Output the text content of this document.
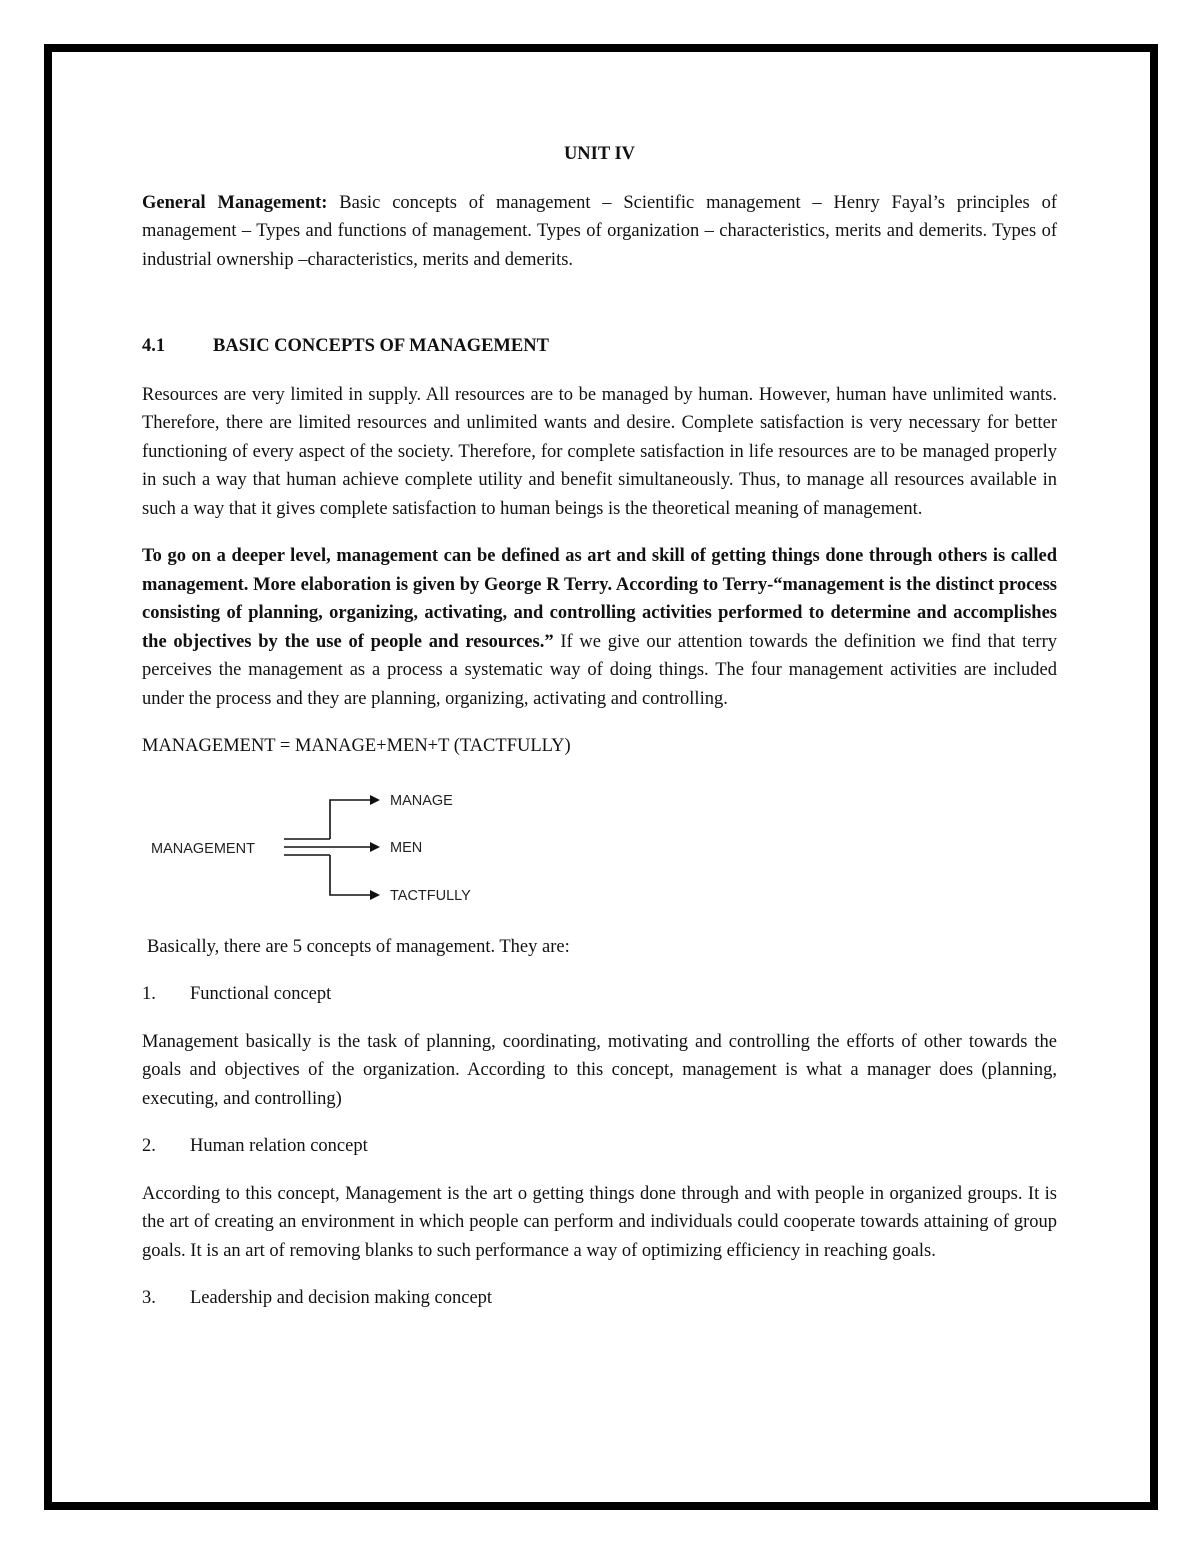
UNIT IV

General Management: Basic concepts of management – Scientific management – Henry Fayal’s principles of management – Types and functions of management. Types of organization – characteristics, merits and demerits. Types of industrial ownership –characteristics, merits and demerits.

4.1	BASIC CONCEPTS OF MANAGEMENT

Resources are very limited in supply. All resources are to be managed by human. However, human have unlimited wants. Therefore, there are limited resources and unlimited wants and desire. Complete satisfaction is very necessary for better functioning of every aspect of the society. Therefore, for complete satisfaction in life resources are to be managed properly in such a way that human achieve complete utility and benefit simultaneously. Thus, to manage all resources available in such a way that it gives complete satisfaction to human beings is the theoretical meaning of management.

To go on a deeper level, management can be defined as art and skill of getting things done through others is called management. More elaboration is given by George R Terry. According to Terry-“management is the distinct process consisting of planning, organizing, activating, and controlling activities performed to determine and accomplishes the objectives by the use of people and resources.” If we give our attention towards the definition we find that terry perceives the management as a process a systematic way of doing things. The four management activities are included under the process and they are planning, organizing, activating and controlling.

MANAGEMENT = MANAGE+MEN+T (TACTFULLY)
MANAGEMENT
MANAGE
MEN
TACTFULLY

Basically, there are 5 concepts of management. They are:

1.	Functional concept

Management basically is the task of planning, coordinating, motivating and controlling the efforts of other towards the goals and objectives of the organization. According to this concept, management is what a manager does (planning, executing, and controlling)

2.	Human relation concept

According to this concept, Management is the art o getting things done through and with people in organized groups. It is the art of creating an environment in which people can perform and individuals could cooperate towards attaining of group goals. It is an art of removing blanks to such performance a way of optimizing efficiency in reaching goals.

3.	Leadership and decision making concept
